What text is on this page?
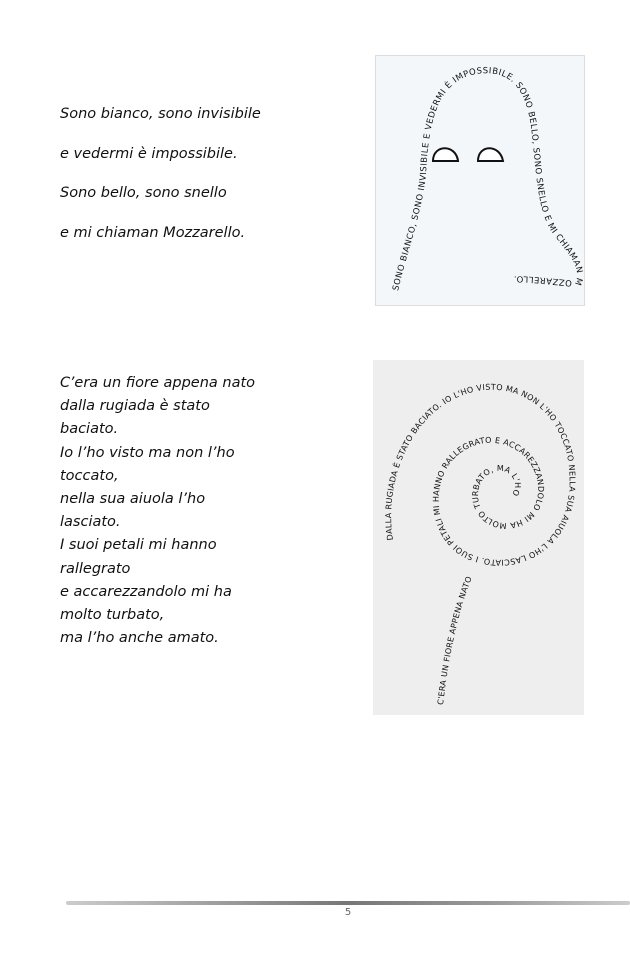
Sono bianco, sono invisibile
e vedermi è impossibile.
Sono bello, sono snello
e mi chiaman Mozzarello.
SONO BIANCO, SONO INVISIBILE E VEDERMI È IMPOSSIBILE. SONO BELLO, SONO SNELLO E MI CHIAMAN MOZZARELLO.
C’era un fiore appena nato
dalla rugiada è stato
baciato.
Io l’ho visto ma non l’ho
toccato,
nella sua aiuola l’ho
lasciato.
I suoi petali mi hanno
rallegrato
e accarezzandolo mi ha
molto turbato,
ma l’ho anche amato.
C'ERA UN FIORE APPENA NATO
DALLA RUGIADA È STATO BACIATO. IO L'HO VISTO MA NON L'HO TOCCATO NELLA SUA AIUOLA L'HO LASCIATO. I SUOI PETALI MI HANNO RALLEGRATO E ACCAREZZANDOLO MI HA MOLTO TURBATO, MA L'HO
5
